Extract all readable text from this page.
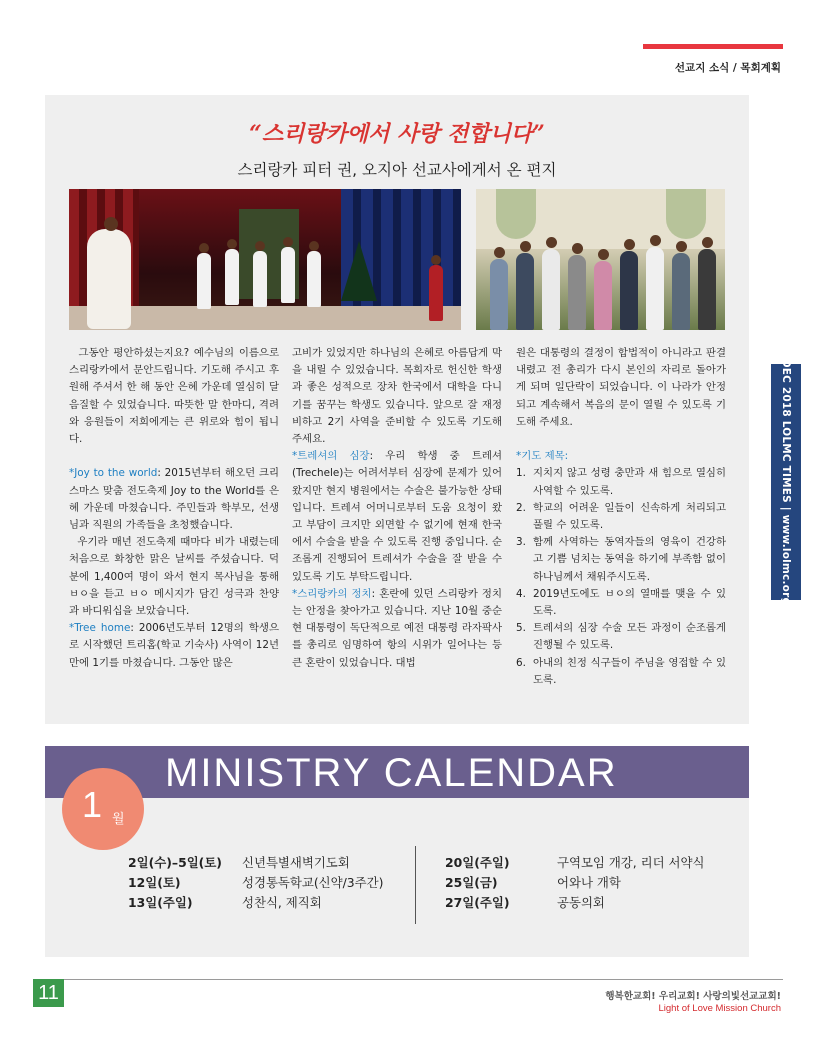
선교지 소식 / 목회계획
DEC 2018 LOLMC TIMES | www.lolmc.org
“스리랑카에서 사랑 전합니다”
스리랑카 피터 권, 오지아 선교사에게서 온 편지

그동안 평안하셨는지요? 예수님의 이름으로 스리랑카에서 문안드립니다. 기도해 주시고 후원해 주셔서 한 해 동안 은혜 가운데 열심히 달음질할 수 있었습니다. 따뜻한 말 한마디, 격려와 응원들이 저희에게는 큰 위로와 힘이 됩니다.

*Joy to the world: 2015년부터 해오던 크리스마스 맞춤 전도축제 Joy to the World를 은혜 가운데 마쳤습니다. 주민들과 학부모, 선생님과 직원의 가족들을 초청했습니다.

우기라 매년 전도축제 때마다 비가 내렸는데 처음으로 화창한 맑은 날씨를 주셨습니다. 덕분에 1,400여 명이 와서 현지 목사님을 통해 ㅂㅇ을 듣고 ㅂㅇ 메시지가 담긴 성극과 찬양과 바디워십을 보았습니다.

*Tree home: 2006년도부터 12명의 학생으로 시작했던 트리홈(학교 기숙사) 사역이 12년 만에 1기를 마쳤습니다. 그동안 많은

고비가 있었지만 하나님의 은혜로 아름답게 막을 내릴 수 있었습니다. 목회자로 헌신한 학생과 좋은 성적으로 장차 한국에서 대학을 다니기를 꿈꾸는 학생도 있습니다. 앞으로 잘 재정비하고 2기 사역을 준비할 수 있도록 기도해 주세요.

*트레셔의 심장: 우리 학생 중 트레셔(Trechele)는 어려서부터 심장에 문제가 있어왔지만 현지 병원에서는 수술은 불가능한 상태입니다. 트레셔 어머니로부터 도움 요청이 왔고 부담이 크지만 외면할 수 없기에 현재 한국에서 수술을 받을 수 있도록 진행 중입니다. 순조롭게 진행되어 트레셔가 수술을 잘 받을 수 있도록 기도 부탁드립니다.

*스리랑카의 정치: 혼란에 있던 스리랑카 정치는 안정을 찾아가고 있습니다. 지난 10월 중순 현 대통령이 독단적으로 예전 대통령 라자팍사를 총리로 임명하여 항의 시위가 일어나는 등 큰 혼란이 있었습니다. 대법

원은 대통령의 결정이 합법적이 아니라고 판결 내렸고 전 총리가 다시 본인의 자리로 돌아가게 되며 일단락이 되었습니다. 이 나라가 안정되고 계속해서 복음의 문이 열릴 수 있도록 기도해 주세요.

*기도 제목:

1. 지치지 않고 성령 충만과 새 힘으로 열심히 사역할 수 있도록.
2. 학교의 어려운 일들이 신속하게 처리되고 풀릴 수 있도록.
3. 함께 사역하는 동역자들의 영육이 건강하고 기쁨 넘치는 동역을 하기에 부족함 없이 하나님께서 채워주시도록.
4. 2019년도에도 ㅂㅇ의 열매를 맺을 수 있도록.
5. 트레셔의 심장 수술 모든 과정이 순조롭게 진행될 수 있도록.
6. 아내의 친정 식구들이 주님을 영접할 수 있도록.
MINISTRY CALENDAR
1 월
2일(수)–5일(토) 신년특별새벽기도회
12일(토)	성경통독학교(신약/3주간)
13일(주일)	성찬식, 제직회
20일(주일)	구역모임 개강, 리더 서약식
25일(금)	어와나 개학
27일(주일)	공동의회
11	행복한교회! 우리교회! 사랑의빛선교교회!
Light of Love Mission Church
